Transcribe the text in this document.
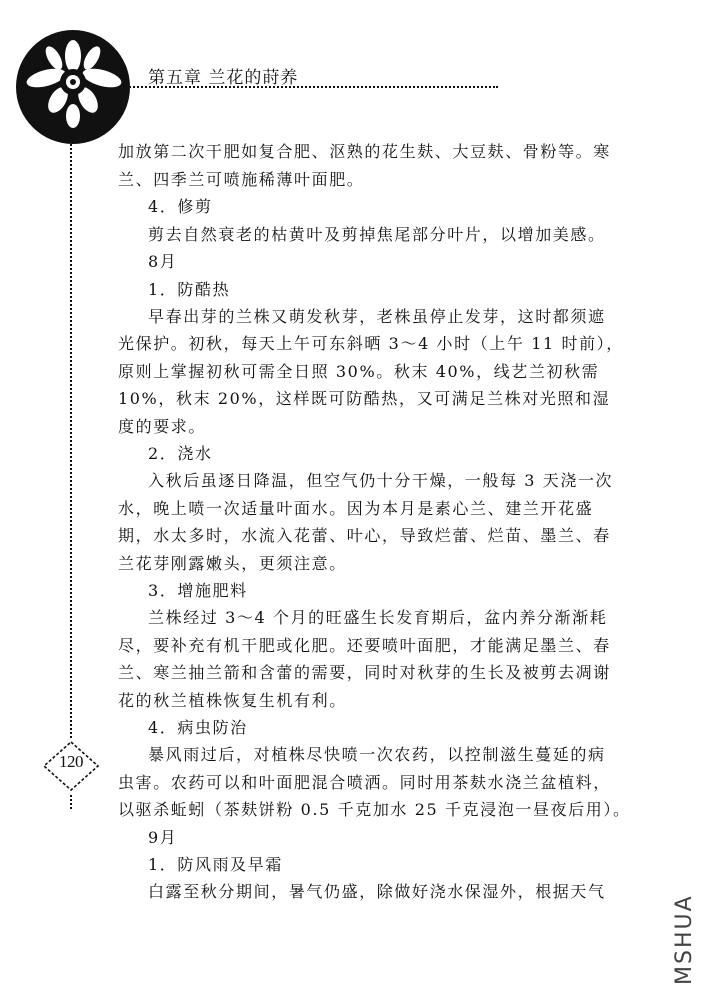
第五章 兰花的莳养
120
加放第二次干肥如复合肥、沤熟的花生麸、大豆麸、骨粉等。寒
兰、四季兰可喷施稀薄叶面肥。
4．修剪
剪去自然衰老的枯黄叶及剪掉焦尾部分叶片，以增加美感。
8月
1．防酷热
早春出芽的兰株又萌发秋芽，老株虽停止发芽，这时都须遮
光保护。初秋，每天上午可东斜晒 3～4 小时（上午 11 时前），
原则上掌握初秋可需全日照 30%。秋末 40%，线艺兰初秋需
10%，秋末 20%，这样既可防酷热，又可满足兰株对光照和湿
度的要求。
2．浇水
入秋后虽逐日降温，但空气仍十分干燥，一般每 3 天浇一次
水，晚上喷一次适量叶面水。因为本月是素心兰、建兰开花盛
期，水太多时，水流入花蕾、叶心，导致烂蕾、烂苗、墨兰、春
兰花芽刚露嫩头，更须注意。
3．增施肥料
兰株经过 3～4 个月的旺盛生长发育期后，盆内养分渐渐耗
尽，要补充有机干肥或化肥。还要喷叶面肥，才能满足墨兰、春
兰、寒兰抽兰箭和含蕾的需要，同时对秋芽的生长及被剪去凋谢
花的秋兰植株恢复生机有利。
4．病虫防治
暴风雨过后，对植株尽快喷一次农药，以控制滋生蔓延的病
虫害。农药可以和叶面肥混合喷洒。同时用茶麸水浇兰盆植料，
以驱杀蚯蚓（茶麸饼粉 0.5 千克加水 25 千克浸泡一昼夜后用）。
9月
1．防风雨及早霜
白露至秋分期间，暑气仍盛，除做好浇水保湿外，根据天气
MSHUA
